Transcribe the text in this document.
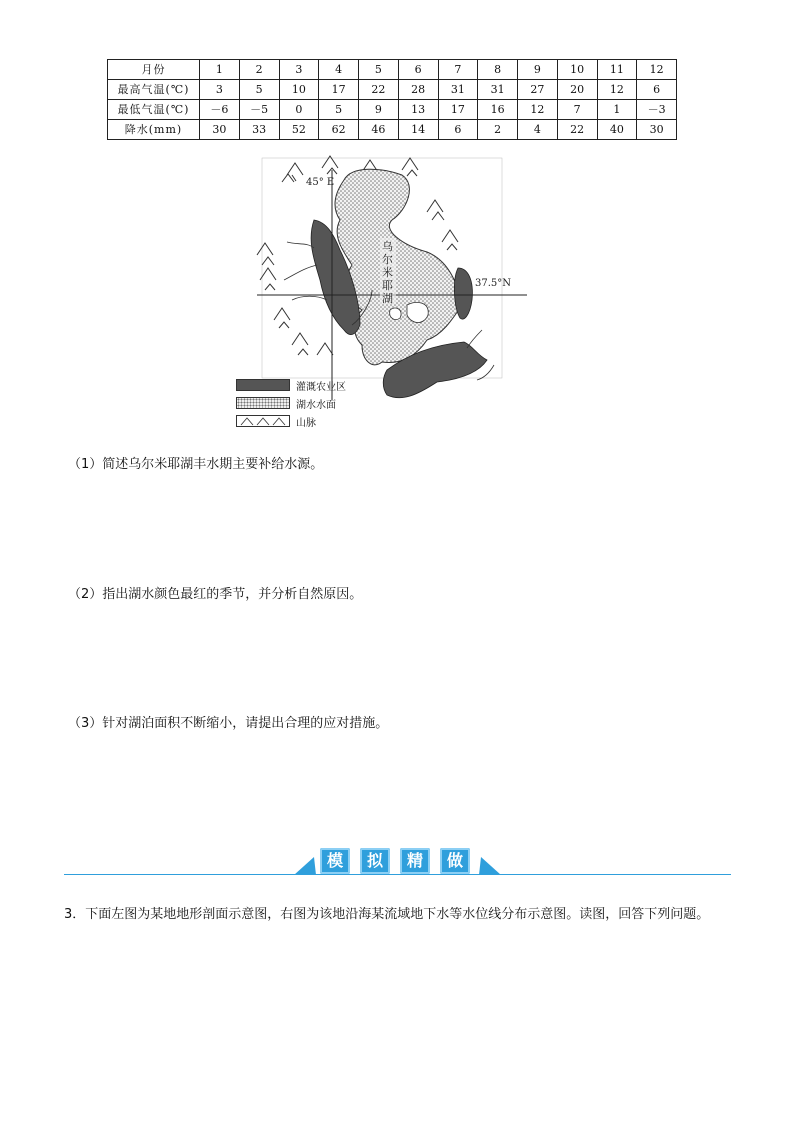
月份	1	2	3	4	5	6	7	8	9	10	11	12
最高气温(℃)	3	5	10	17	22	28	31	31	27	20	12	6
最低气温(℃)	－6	－5	0	5	9	13	17	16	12	7	1	－3
降水(mm)	30	33	52	62	46	14	6	2	4	22	40	30
45° E
37.5°N
乌尔米耶湖
灌溉农业区
湖水水面
山脉
（1）简述乌尔米耶湖丰水期主要补给水源。
（2）指出湖水颜色最红的季节，并分析自然原因。
（3）针对湖泊面积不断缩小，请提出合理的应对措施。
模	拟	精	做
3．下面左图为某地地形剖面示意图，右图为该地沿海某流域地下水等水位线分布示意图。读图，回答下列问题。
